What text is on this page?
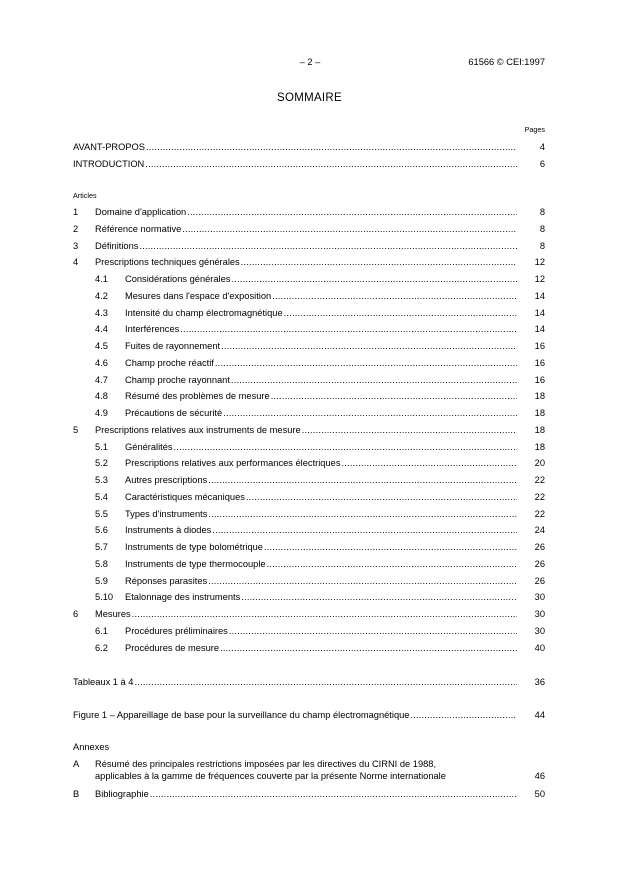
– 2 –	61566 © CEI:1997
SOMMAIRE
Pages
AVANT-PROPOS .....	4
INTRODUCTION .....	6
Articles
1 Domaine d'application .....	8
2 Référence normative .....	8
3 Définitions .....	8
4 Prescriptions techniques générales .....	12
4.1 Considérations générales .....	12
4.2 Mesures dans l'espace d'exposition .....	14
4.3 Intensité du champ électromagnétique .....	14
4.4 Interférences .....	14
4.5 Fuites de rayonnement .....	16
4.6 Champ proche réactif .....	16
4.7 Champ proche rayonnant .....	16
4.8 Résumé des problèmes de mesure .....	18
4.9 Précautions de sécurité .....	18
5 Prescriptions relatives aux instruments de mesure .....	18
5.1 Généralités .....	18
5.2 Prescriptions relatives aux performances électriques .....	20
5.3 Autres prescriptions .....	22
5.4 Caractéristiques mécaniques .....	22
5.5 Types d'instruments .....	22
5.6 Instruments à diodes .....	24
5.7 Instruments de type bolométrique .....	26
5.8 Instruments de type thermocouple .....	26
5.9 Réponses parasites .....	26
5.10 Etalonnage des instruments .....	30
6 Mesures .....	30
6.1 Procédures préliminaires .....	30
6.2 Procédures de mesure .....	40
Tableaux 1 à 4 .....	36
Figure 1 – Appareillage de base pour la surveillance du champ électromagnétique .....	44
Annexes
A Résumé des principales restrictions imposées par les directives du CIRNI de 1988,
applicables à la gamme de fréquences couverte par la présente Norme internationale	46
B Bibliographie .....	50
